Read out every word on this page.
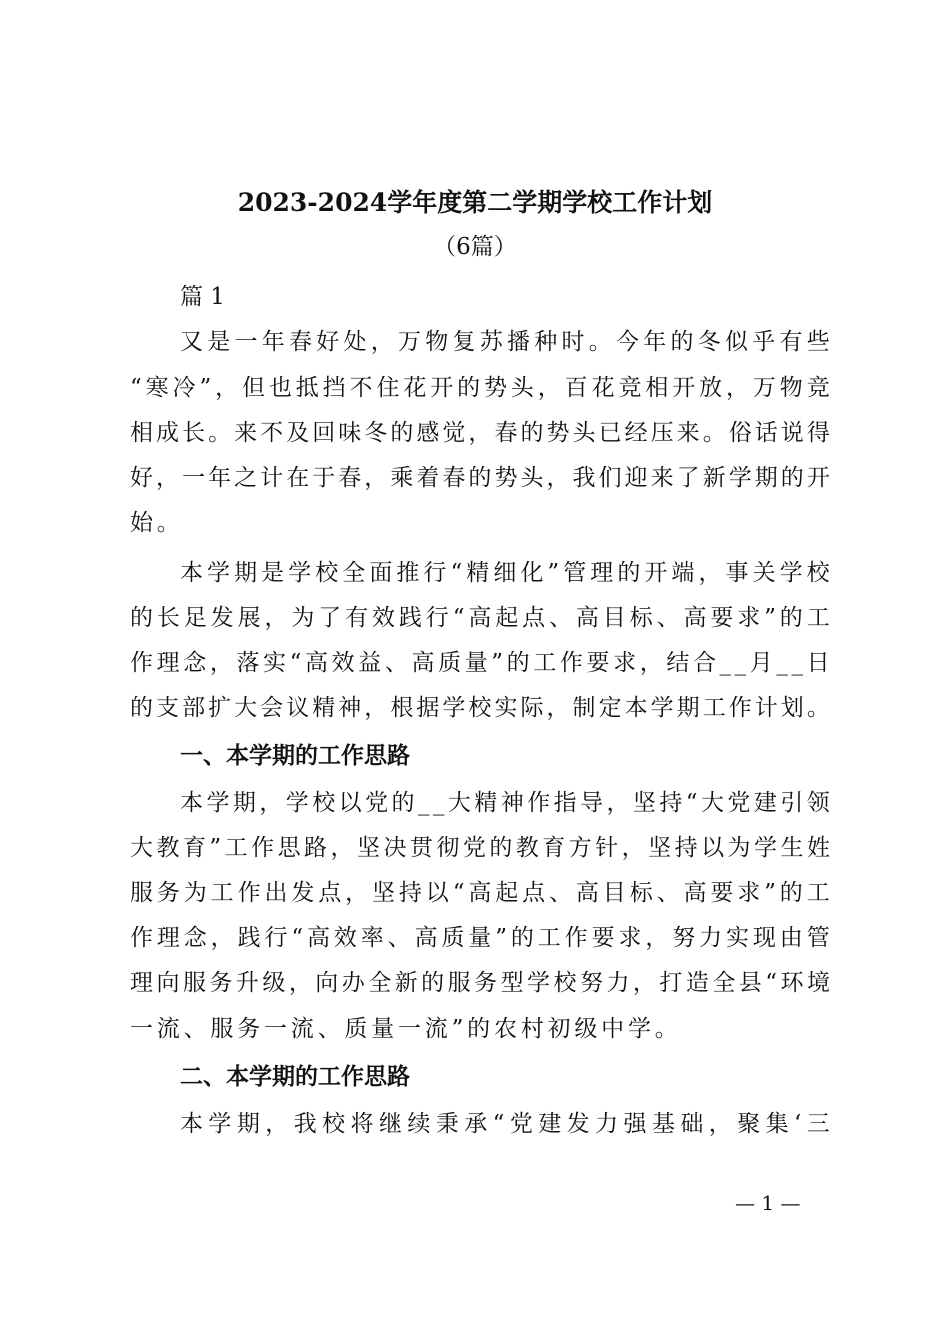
2023-2024学年度第二学期学校工作计划
（6篇）
篇 1
又 是 一 年 春 好 处 ， 万 物 复 苏 播 种 时 。 今 年 的 冬 似 乎 有 些
“ 寒 冷 ” ， 但 也 抵 挡 不 住 花 开 的 势 头 ， 百 花 竞 相 开 放 ， 万 物 竞
相 成 长 。 来 不 及 回 味 冬 的 感 觉 ， 春 的 势 头 已 经 压 来 。 俗 话 说 得
好 ， 一 年 之 计 在 于 春 ， 乘 着 春 的 势 头 ， 我 们 迎 来 了 新 学 期 的 开
始。
本 学 期 是 学 校 全 面 推 行 “ 精 细 化 ” 管 理 的 开 端 ， 事 关 学 校
的 长 足 发 展 ， 为 了 有 效 践 行 “ 高 起 点 、 高 目 标 、 高 要 求 ” 的 工
作 理 念 ， 落 实 “ 高 效 益 、 高 质 量 ” 的 工 作 要 求 ， 结 合 _ _ 月 _ _ 日
的 支 部 扩 大 会 议 精 神 ， 根 据 学 校 实 际 ， 制 定 本 学 期 工 作 计 划 。
一、本学期的工作思路
本 学 期 ， 学 校 以 党 的 _ _ 大 精 神 作 指 导 ， 坚 持 “ 大 党 建 引 领
大 教 育 ” 工 作 思 路 ， 坚 决 贯 彻 党 的 教 育 方 针 ， 坚 持 以 为 学 生 姓
服 务 为 工 作 出 发 点 ， 坚 持 以 “ 高 起 点 、 高 目 标 、 高 要 求 ” 的 工
作 理 念 ， 践 行 “ 高 效 率 、 高 质 量 ” 的 工 作 要 求 ， 努 力 实 现 由 管
理 向 服 务 升 级 ， 向 办 全 新 的 服 务 型 学 校 努 力 ， 打 造 全 县 “ 环 境
一流、服务一流、质量一流”的农村初级中学。
二、本学期的工作思路
本 学 期 ， 我 校 将 继 续 秉 承 “ 党 建 发 力 强 基 础 ， 聚 集 ‘ 三
— 1 —
